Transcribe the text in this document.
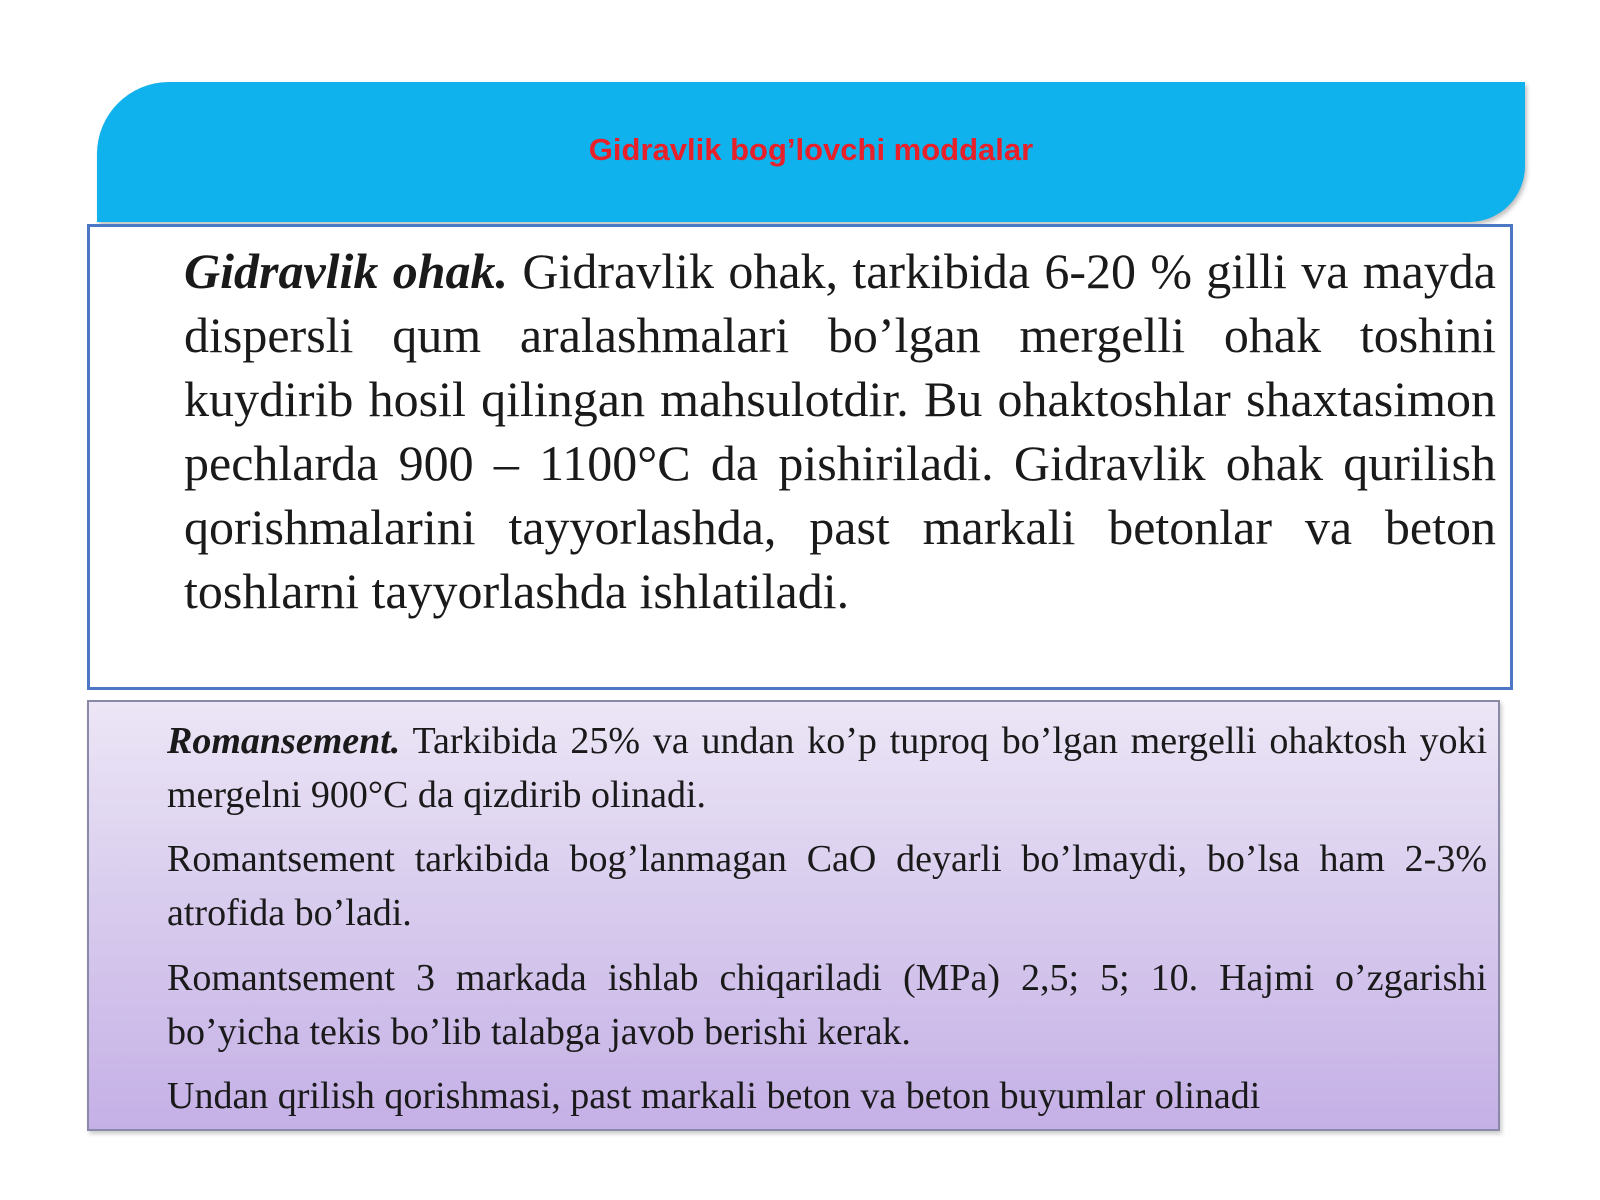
Gidravlik bog’lovchi moddalar

Gidravlik ohak. Gidravlik ohak, tarkibida 6-20 % gilli va mayda dispersli qum aralashmalari bo’lgan mergelli ohak toshini kuydirib hosil qilingan mahsulotdir. Bu ohaktoshlar shaxtasimon pechlarda 900 – 1100°C da pishiriladi. Gidravlik ohak qurilish qorishmalarini tayyorlashda, past markali betonlar va beton toshlarni tayyorlashda ishlatiladi.

Romansement. Tarkibida 25% va undan ko’p tuproq bo’lgan mergelli ohaktosh yoki mergelni 900°C da qizdirib olinadi.

Romantsement tarkibida bog’lanmagan CaO deyarli bo’lmaydi, bo’lsa ham 2-3% atrofida bo’ladi.

Romantsement 3 markada ishlab chiqariladi (MPa) 2,5; 5; 10. Hajmi o’zgarishi bo’yicha tekis bo’lib talabga javob berishi kerak.

Undan qrilish qorishmasi, past markali beton va beton buyumlar olinadi
